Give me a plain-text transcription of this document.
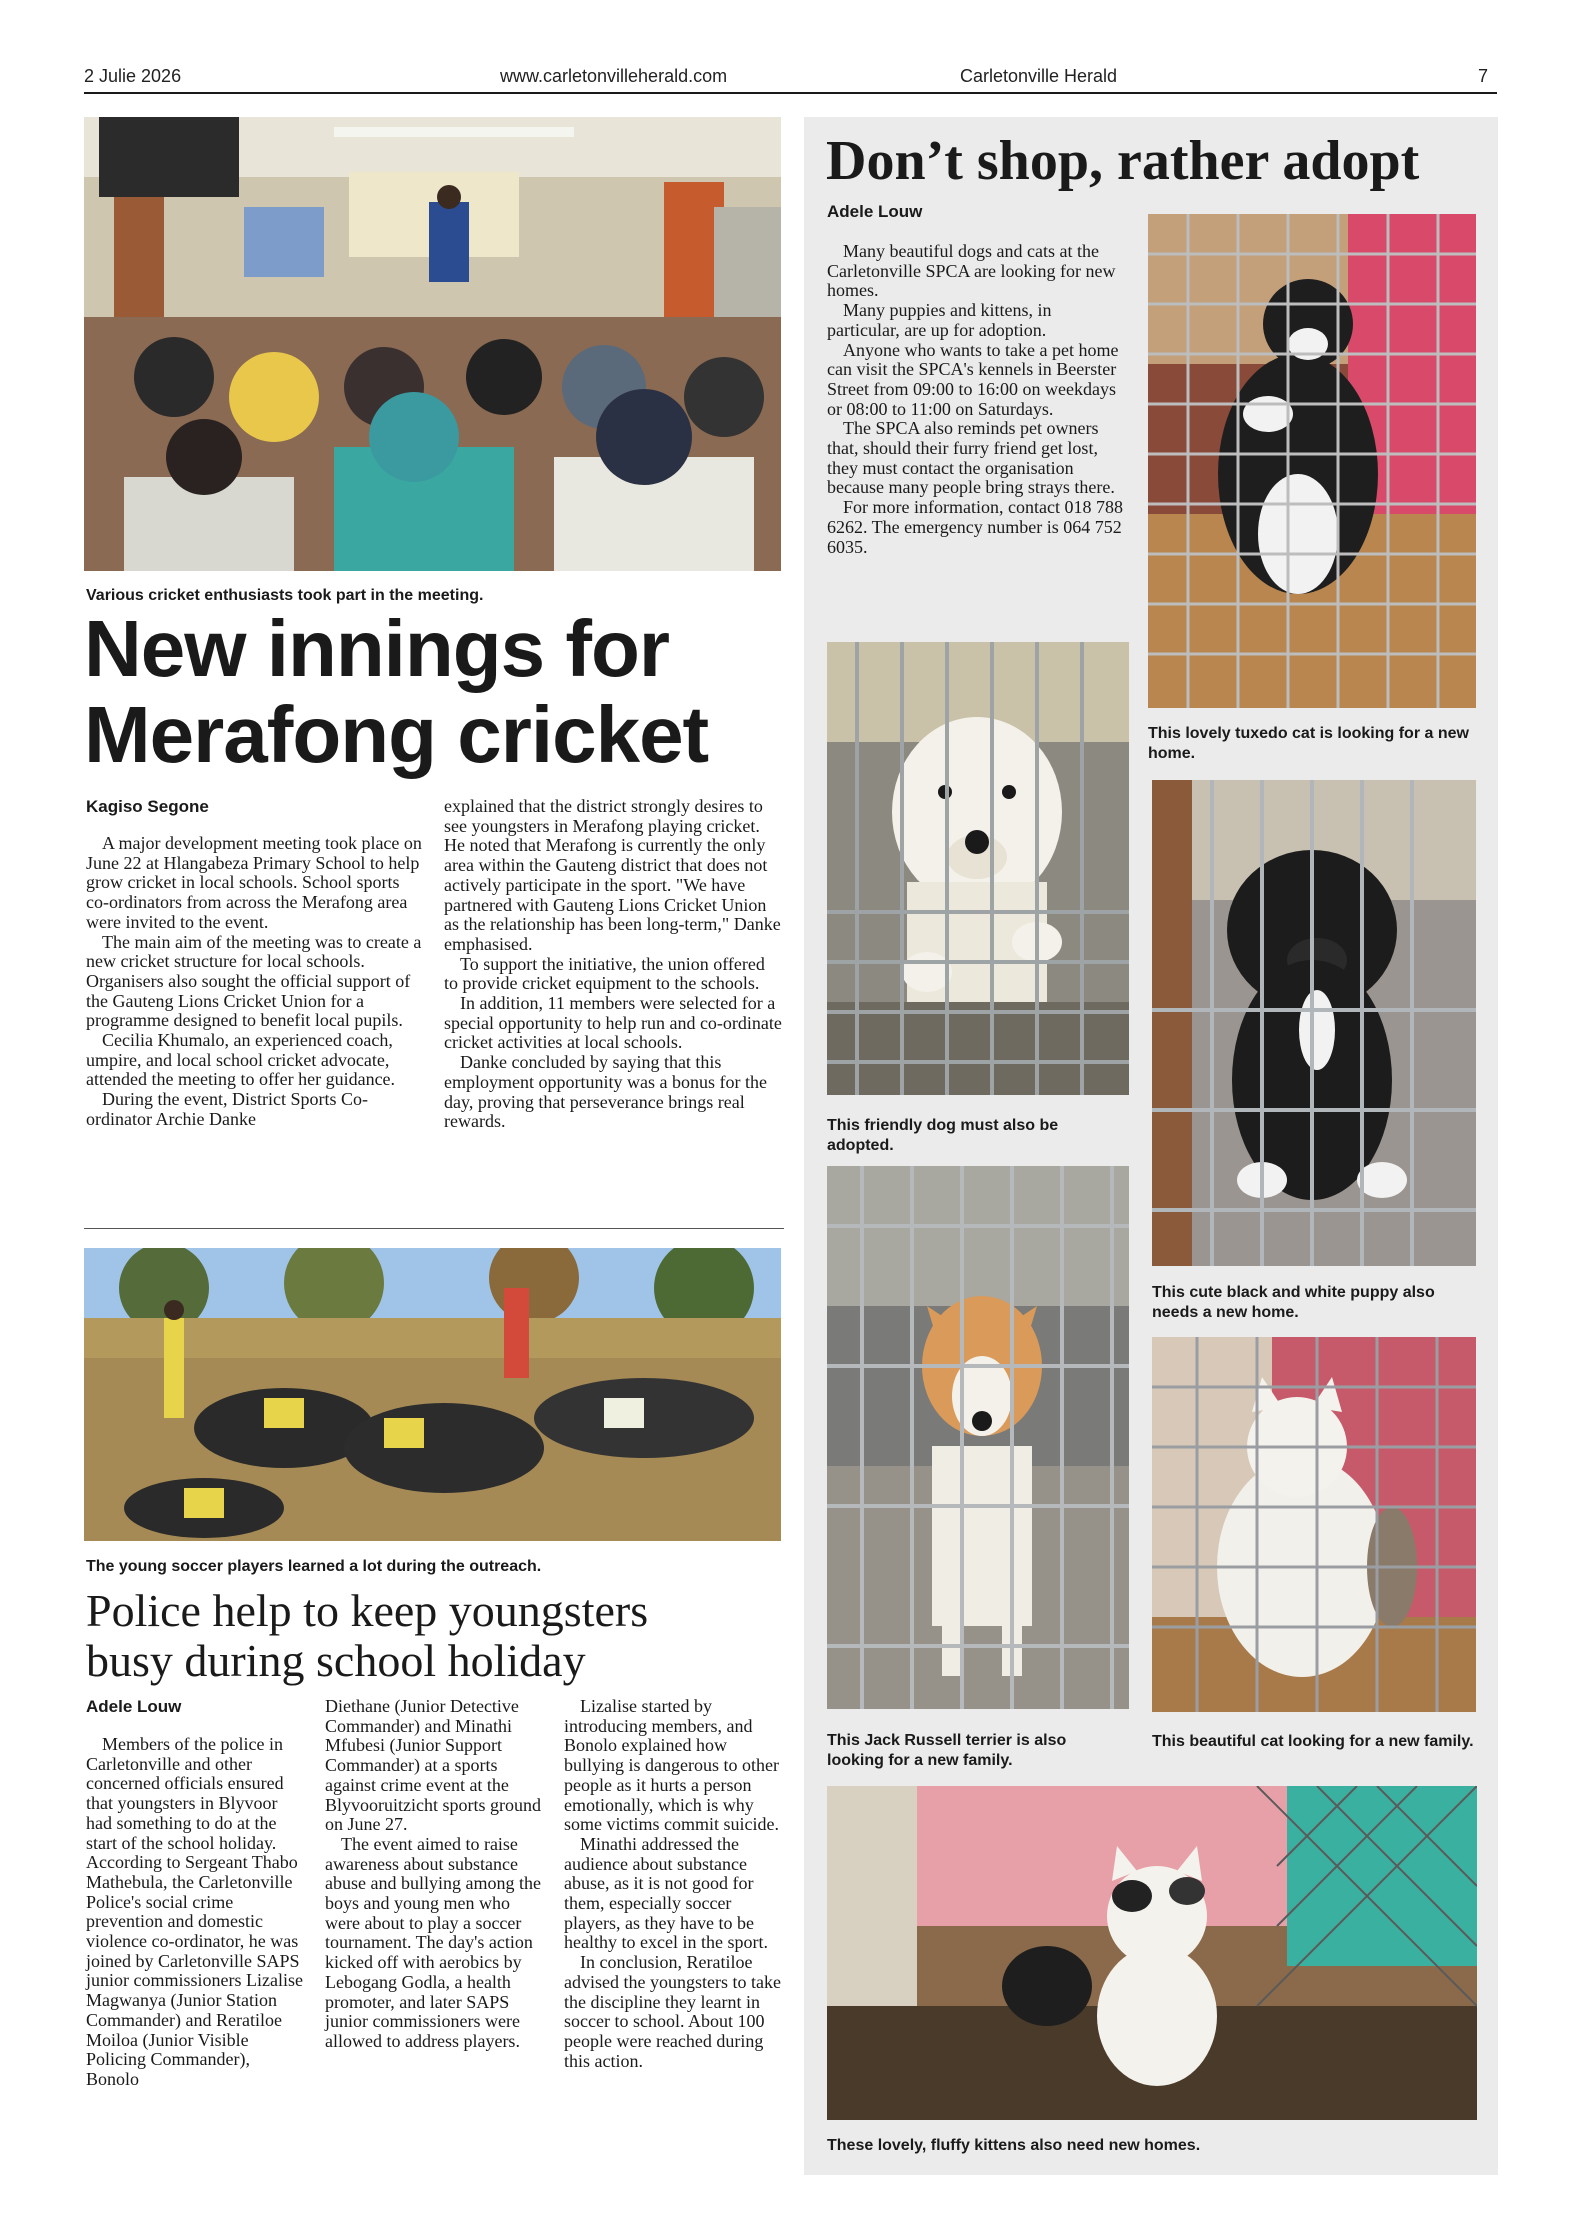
2 Julie 2026	www.carletonvilleherald.com	Carletonville Herald	7
Various cricket enthusiasts took part in the meeting.
New innings for
Merafong cricket
Kagiso Segone

A major development meeting took place on June 22 at Hlangabeza Primary School to help grow cricket in local schools. School sports co-ordinators from across the Merafong area were invited to the event.

The main aim of the meeting was to create a new cricket structure for local schools. Organisers also sought the official support of the Gauteng Lions Cricket Union for a programme designed to benefit local pupils.

Cecilia Khumalo, an experienced coach, umpire, and local school cricket advocate, attended the meeting to offer her guidance.

During the event, District Sports Co-ordinator Archie Danke

explained that the district strongly desires to see youngsters in Merafong playing cricket. He noted that Merafong is currently the only area within the Gauteng district that does not actively participate in the sport. "We have partnered with Gauteng Lions Cricket Union as the relationship has been long-term," Danke emphasised.

To support the initiative, the union offered to provide cricket equipment to the schools.

In addition, 11 members were selected for a special opportunity to help run and co-ordinate cricket activities at local schools.

Danke concluded by saying that this employment opportunity was a bonus for the day, proving that perseverance brings real rewards.

The young soccer players learned a lot during the outreach.
Police help to keep youngsters
busy during school holiday
Adele Louw

Members of the police in Carletonville and other concerned officials ensured that youngsters in Blyvoor had something to do at the start of the school holiday. According to Sergeant Thabo Mathebula, the Carletonville Police's social crime prevention and domestic violence co-ordinator, he was joined by Carletonville SAPS junior commissioners Lizalise Magwanya (Junior Station Commander) and Reratiloe Moiloa (Junior Visible Policing Commander), Bonolo

Diethane (Junior Detective Commander) and Minathi Mfubesi (Junior Support Commander) at a sports against crime event at the Blyvooruitzicht sports ground on June 27.

The event aimed to raise awareness about substance abuse and bullying among the boys and young men who were about to play a soccer tournament. The day's action kicked off with aerobics by Lebogang Godla, a health promoter, and later SAPS junior commissioners were allowed to address players.

Lizalise started by introducing members, and Bonolo explained how bullying is dangerous to other people as it hurts a person emotionally, which is why some victims commit suicide.

Minathi addressed the audience about substance abuse, as it is not good for them, especially soccer players, as they have to be healthy to excel in the sport.

In conclusion, Reratiloe advised the youngsters to take the discipline they learnt in soccer to school. About 100 people were reached during this action.

Don’t shop, rather adopt
Adele Louw

Many beautiful dogs and cats at the Carletonville SPCA are looking for new homes.

Many puppies and kittens, in particular, are up for adoption.

Anyone who wants to take a pet home can visit the SPCA's kennels in Beerster Street from 09:00 to 16:00 on weekdays or 08:00 to 11:00 on Saturdays.

The SPCA also reminds pet owners that, should their furry friend get lost, they must contact the organisation because many people bring strays there.

For more information, contact 018 788 6262. The emergency number is 064 752 6035.

This lovely tuxedo cat is looking for a new home.
This friendly dog must also be adopted.
This cute black and white puppy also needs a new home.
This Jack Russell terrier is also looking for a new family.
This beautiful cat looking for a new family.
These lovely, fluffy kittens also need new homes.
